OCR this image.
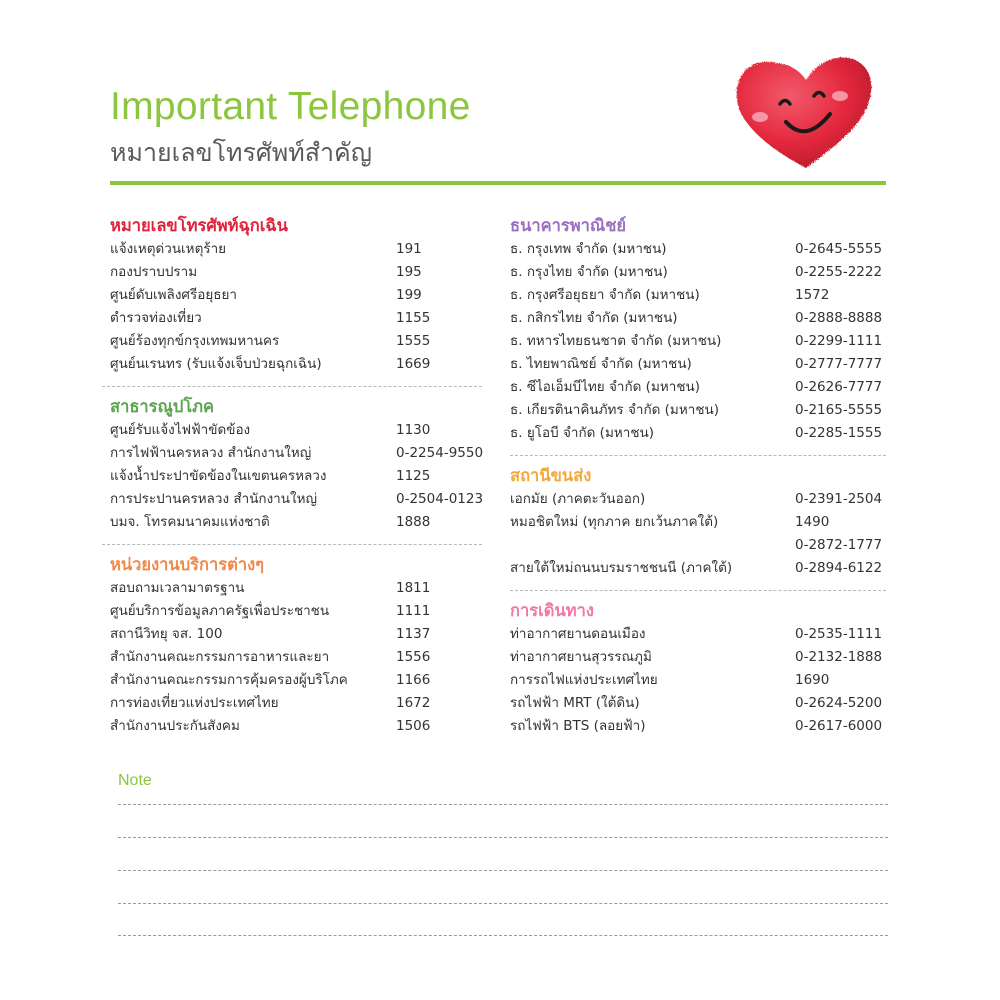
Important Telephone
หมายเลขโทรศัพท์สำคัญ
หมายเลขโทรศัพท์ฉุกเฉิน
แจ้งเหตุด่วนเหตุร้าย	191
กองปราบปราม	195
ศูนย์ดับเพลิงศรีอยุธยา	199
ตำรวจท่องเที่ยว	1155
ศูนย์ร้องทุกข์กรุงเทพมหานคร	1555
ศูนย์นเรนทร (รับแจ้งเจ็บป่วยฉุกเฉิน)	1669
สาธารณูปโภค
ศูนย์รับแจ้งไฟฟ้าขัดข้อง	1130
การไฟฟ้านครหลวง สำนักงานใหญ่	0-2254-9550
แจ้งน้ำประปาขัดข้องในเขตนครหลวง	1125
การประปานครหลวง สำนักงานใหญ่	0-2504-0123
บมจ. โทรคมนาคมแห่งชาติ	1888
หน่วยงานบริการต่างๆ
สอบถามเวลามาตรฐาน	1811
ศูนย์บริการข้อมูลภาครัฐเพื่อประชาชน	1111
สถานีวิทยุ จส. 100	1137
สำนักงานคณะกรรมการอาหารและยา	1556
สำนักงานคณะกรรมการคุ้มครองผู้บริโภค	1166
การท่องเที่ยวแห่งประเทศไทย	1672
สำนักงานประกันสังคม	1506
ธนาคารพาณิชย์
ธ. กรุงเทพ จำกัด (มหาชน)	0-2645-5555
ธ. กรุงไทย จำกัด (มหาชน)	0-2255-2222
ธ. กรุงศรีอยุธยา จำกัด (มหาชน)	1572
ธ. กสิกรไทย จำกัด (มหาชน)	0-2888-8888
ธ. ทหารไทยธนชาต จำกัด (มหาชน)	0-2299-1111
ธ. ไทยพาณิชย์ จำกัด (มหาชน)	0-2777-7777
ธ. ซีไอเอ็มบีไทย จำกัด (มหาชน)	0-2626-7777
ธ. เกียรตินาคินภัทร จำกัด (มหาชน)	0-2165-5555
ธ. ยูโอบี จำกัด (มหาชน)	0-2285-1555
สถานีขนส่ง
เอกมัย (ภาคตะวันออก)	0-2391-2504
หมอชิตใหม่ (ทุกภาค ยกเว้นภาคใต้)	1490
0-2872-1777
สายใต้ใหม่ถนนบรมราชชนนี (ภาคใต้)	0-2894-6122
การเดินทาง
ท่าอากาศยานดอนเมือง	0-2535-1111
ท่าอากาศยานสุวรรณภูมิ	0-2132-1888
การรถไฟแห่งประเทศไทย	1690
รถไฟฟ้า MRT (ใต้ดิน)	0-2624-5200
รถไฟฟ้า BTS (ลอยฟ้า)	0-2617-6000
Note
